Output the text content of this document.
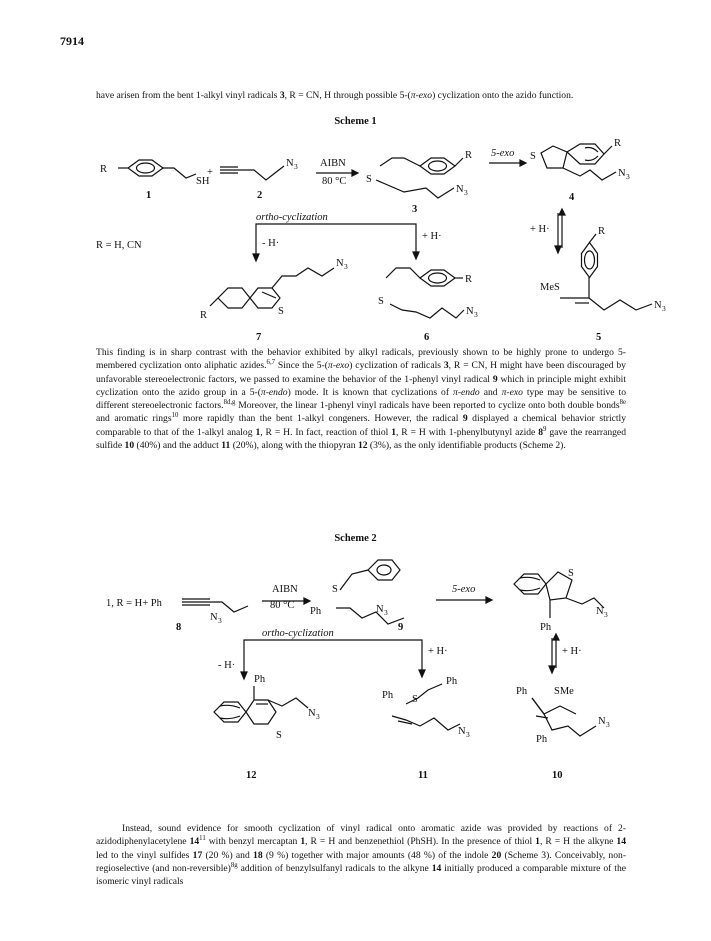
7914

have arisen from the bent 1-alkyl vinyl radicals 3, R = CN, H through possible 5-(π-exo) cyclization onto the azido function.

Scheme 1
R
SH
+
N 3 AIBN
80 °C S
R
N 3
5-exo S
R
N 3
ortho-cyclization
R = H, CN	- H·
+ H·
+ H·	R
N 3
S
R
R
S
N 3
MeS
N 3
1	2
3
4
5
6
7

This finding is in sharp contrast with the behavior exhibited by alkyl radicals, previously shown to be highly prone to undergo 5-membered cyclization onto aliphatic azides.$^{6,7}$ Since the 5-(π-exo) cyclization of radicals 3, R = CN, H might have been discouraged by unfavorable stereoelectronic factors, we passed to examine the behavior of the 1-phenyl vinyl radical 9 which in principle might exhibit cyclization onto the azido group in a 5-(π-endo) mode. It is known that cyclizations of π-endo and π-exo type may be sensitive to different stereoelectronic factors.$^{8d,g}$ Moreover, the linear 1-phenyl vinyl radicals have been reported to cyclize onto both double bonds$^{8e}$ and aromatic rings$^{10}$ more rapidly than the bent 1-alkyl congeners. However, the radical 9 displayed a chemical behavior strictly comparable to that of the 1-alkyl analog 1, R = H. In fact, reaction of thiol 1, R = H with 1-phenylbutynyl azide $8^9$ gave the rearranged sulfide 10 (40%) and the adduct 11 (20%), along with the thiopyran 12 (3%), as the only identifiable products (Scheme 2).

Scheme 2
1, R = H+ Ph
N 3
AIBN
80 °C
Ph
S
N 3
5-exo
S
N 3
Ph
ortho-cyclization
- H·
+ H·	+ H·
Ph
N 3
S
Ph S
Ph
N 3
Ph	SMe
Ph
N 3
8	9
10
11
12

Instead, sound evidence for smooth cyclization of vinyl radical onto aromatic azide was provided by reactions of 2-azidodiphenylacetylene $14^{11}$ with benzyl mercaptan 1, R = H and benzenethiol (PhSH). In the presence of thiol 1, R = H the alkyne 14 led to the vinyl sulfides 17 (20 %) and 18 (9 %) together with major amounts (48 %) of the indole 20 (Scheme 3). Conceivably, non-regioselective (and non-reversible)$^{8g}$ addition of benzylsulfanyl radicals to the alkyne 14 initially produced a comparable mixture of the isomeric vinyl radicals
